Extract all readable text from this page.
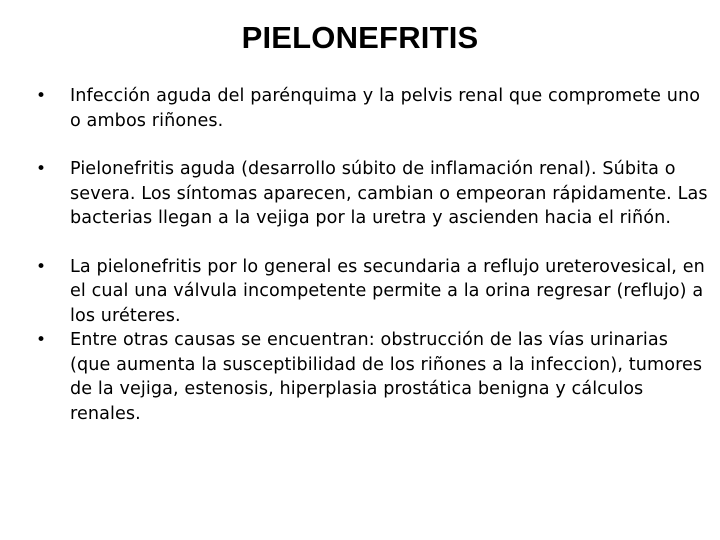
PIELONEFRITIS
•	Infección aguda del parénquima y la pelvis renal que compromete uno o ambos riñones.
•	Pielonefritis aguda (desarrollo súbito de inflamación renal). Súbita o severa. Los síntomas aparecen, cambian o empeoran rápidamente. Las bacterias llegan a la vejiga por la uretra y ascienden hacia el riñón.
•	La pielonefritis por lo general es secundaria a reflujo ureterovesical, en el cual una válvula incompetente permite a la orina regresar (reflujo) a los uréteres.
•	Entre otras causas se encuentran: obstrucción de las vías urinarias (que aumenta la susceptibilidad de los riñones a la infeccion), tumores de la vejiga, estenosis, hiperplasia prostática benigna y cálculos renales.
